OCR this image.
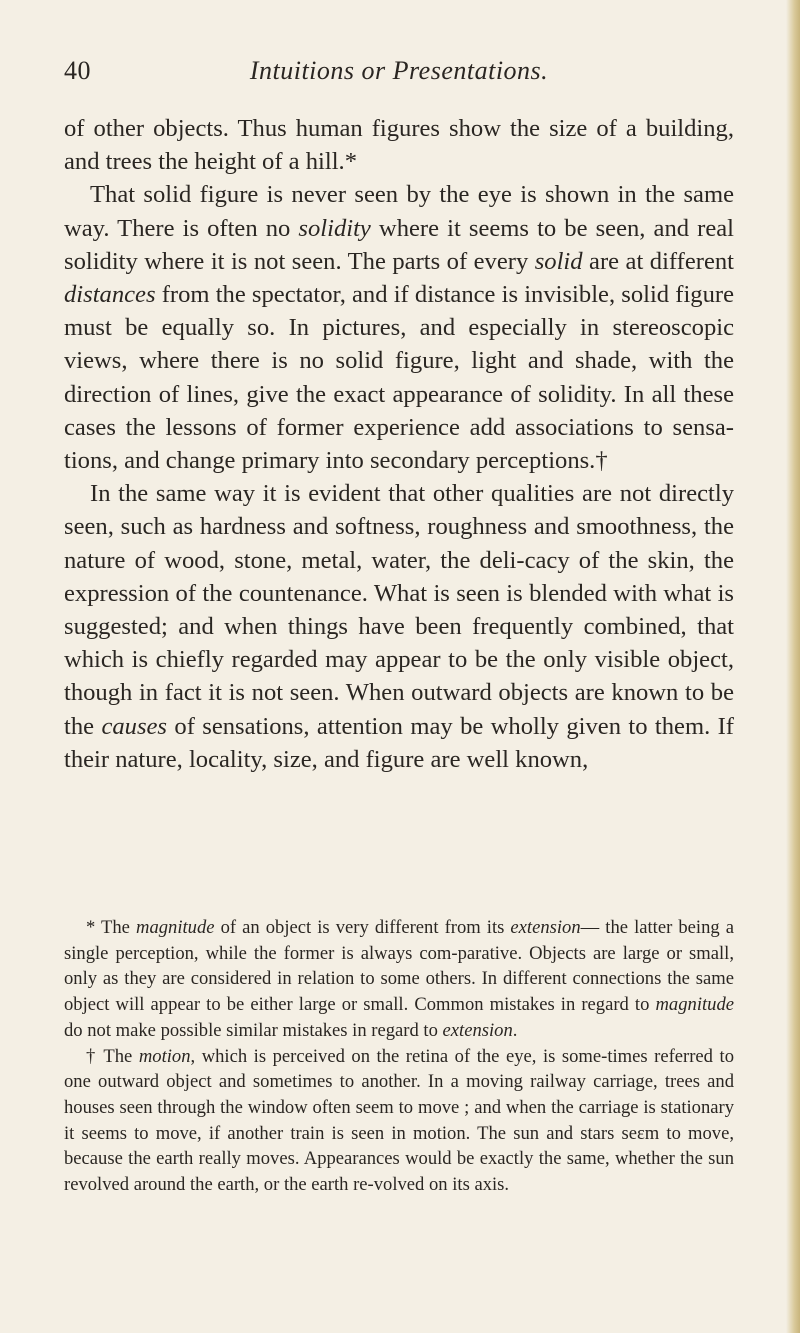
40	Intuitions or Presentations.

of other objects. Thus human figures show the size of a building, and trees the height of a hill.*

That solid figure is never seen by the eye is shown in the same way. There is often no solidity where it seems to be seen, and real solidity where it is not seen. The parts of every solid are at different distances from the spectator, and if distance is invisible, solid figure must be equally so. In pictures, and especially in stereoscopic views, where there is no solid figure, light and shade, with the direction of lines, give the exact appearance of solidity. In all these cases the lessons of former experience add associations to sensa-tions, and change primary into secondary perceptions.†

In the same way it is evident that other qualities are not directly seen, such as hardness and softness, roughness and smoothness, the nature of wood, stone, metal, water, the deli-cacy of the skin, the expression of the countenance. What is seen is blended with what is suggested; and when things have been frequently combined, that which is chiefly regarded may appear to be the only visible object, though in fact it is not seen. When outward objects are known to be the causes of sensations, attention may be wholly given to them. If their nature, locality, size, and figure are well known,

* The magnitude of an object is very different from its extension— the latter being a single perception, while the former is always com-parative. Objects are large or small, only as they are considered in relation to some others. In different connections the same object will appear to be either large or small. Common mistakes in regard to magnitude do not make possible similar mistakes in regard to extension.

† The motion, which is perceived on the retina of the eye, is some-times referred to one outward object and sometimes to another. In a moving railway carriage, trees and houses seen through the window often seem to move ; and when the carriage is stationary it seems to move, if another train is seen in motion. The sun and stars seεm to move, because the earth really moves. Appearances would be exactly the same, whether the sun revolved around the earth, or the earth re-volved on its axis.
